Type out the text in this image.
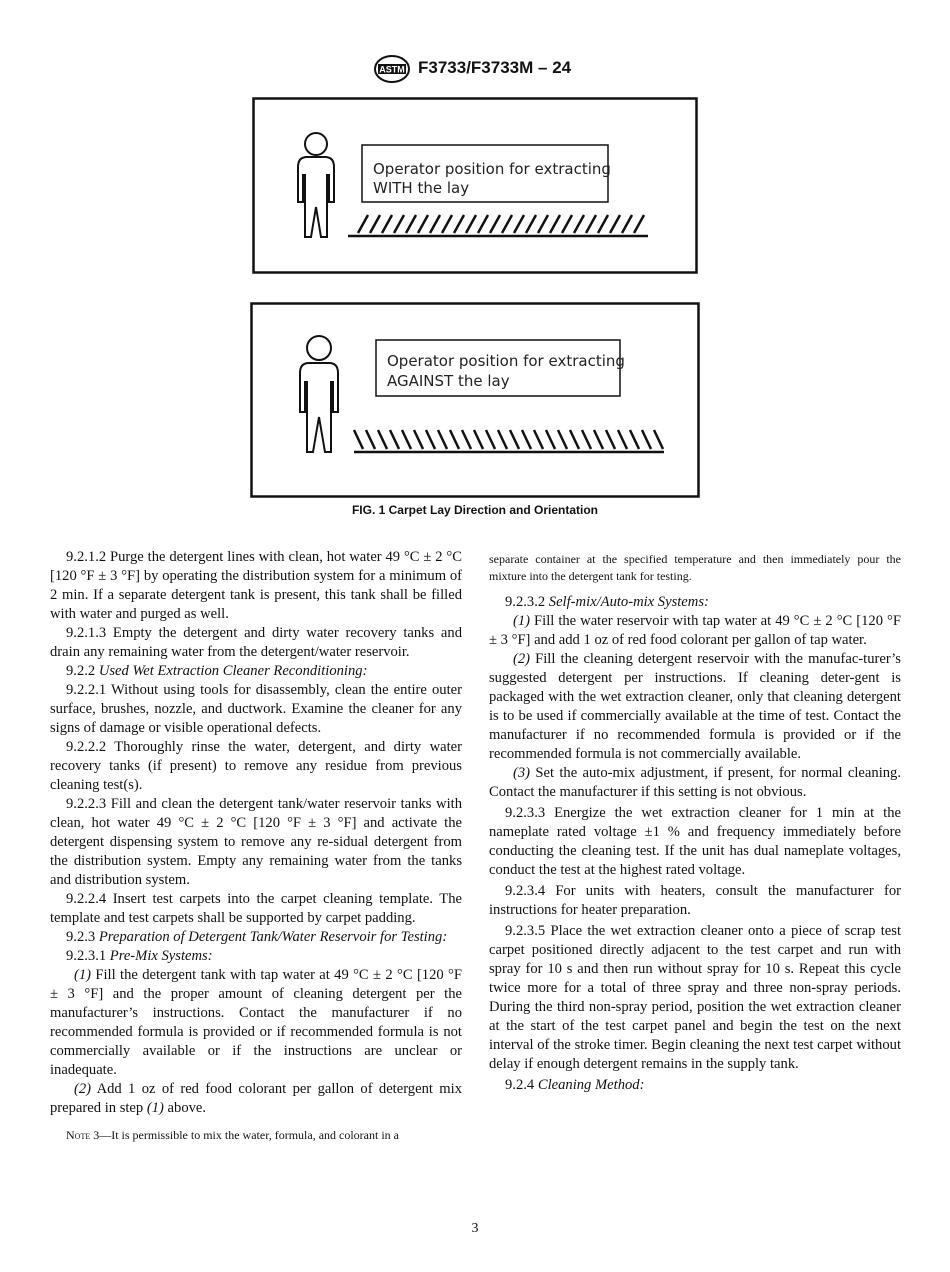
ASTM F3733/F3733M – 24
Operator position for extracting
WITH the lay
Operator position for extracting
AGAINST the lay
FIG. 1 Carpet Lay Direction and Orientation

9.2.1.2 Purge the detergent lines with clean, hot water 49 °C ± 2 °C [120 °F ± 3 °F] by operating the distribution system for a minimum of 2 min. If a separate detergent tank is present, this tank shall be filled with water and purged as well.

9.2.1.3 Empty the detergent and dirty water recovery tanks and drain any remaining water from the detergent/water reservoir.

9.2.2 Used Wet Extraction Cleaner Reconditioning:

9.2.2.1 Without using tools for disassembly, clean the entire outer surface, brushes, nozzle, and ductwork. Examine the cleaner for any signs of damage or visible operational defects.

9.2.2.2 Thoroughly rinse the water, detergent, and dirty water recovery tanks (if present) to remove any residue from previous cleaning test(s).

9.2.2.3 Fill and clean the detergent tank/water reservoir tanks with clean, hot water 49 °C ± 2 °C [120 °F ± 3 °F] and activate the detergent dispensing system to remove any re-sidual detergent from the distribution system. Empty any remaining water from the tanks and distribution system.

9.2.2.4 Insert test carpets into the carpet cleaning template. The template and test carpets shall be supported by carpet padding.

9.2.3 Preparation of Detergent Tank/Water Reservoir for Testing:

9.2.3.1 Pre-Mix Systems:

(1) Fill the detergent tank with tap water at 49 °C ± 2 °C [120 °F ± 3 °F] and the proper amount of cleaning detergent per the manufacturer’s instructions. Contact the manufacturer if no recommended formula is provided or if recommended formula is not commercially available or if the instructions are unclear or inadequate.

(2) Add 1 oz of red food colorant per gallon of detergent mix prepared in step (1) above.

Note 3—It is permissible to mix the water, formula, and colorant in a

separate container at the specified temperature and then immediately pour the mixture into the detergent tank for testing.

9.2.3.2 Self-mix/Auto-mix Systems:

(1) Fill the water reservoir with tap water at 49 °C ± 2 °C [120 °F ± 3 °F] and add 1 oz of red food colorant per gallon of tap water.

(2) Fill the cleaning detergent reservoir with the manufac-turer’s suggested detergent per instructions. If cleaning deter-gent is packaged with the wet extraction cleaner, only that cleaning detergent is to be used if commercially available at the time of test. Contact the manufacturer if no recommended formula is provided or if the recommended formula is not commercially available.

(3) Set the auto-mix adjustment, if present, for normal cleaning. Contact the manufacturer if this setting is not obvious.

9.2.3.3 Energize the wet extraction cleaner for 1 min at the nameplate rated voltage ±1 % and frequency immediately before conducting the cleaning test. If the unit has dual nameplate voltages, conduct the test at the highest rated voltage.

9.2.3.4 For units with heaters, consult the manufacturer for instructions for heater preparation.

9.2.3.5 Place the wet extraction cleaner onto a piece of scrap test carpet positioned directly adjacent to the test carpet and run with spray for 10 s and then run without spray for 10 s. Repeat this cycle twice more for a total of three spray and three non-spray periods. During the third non-spray period, position the wet extraction cleaner at the start of the test carpet panel and begin the test on the next interval of the stroke timer. Begin cleaning the next test carpet without delay if enough detergent remains in the supply tank.

9.2.4 Cleaning Method:

3
